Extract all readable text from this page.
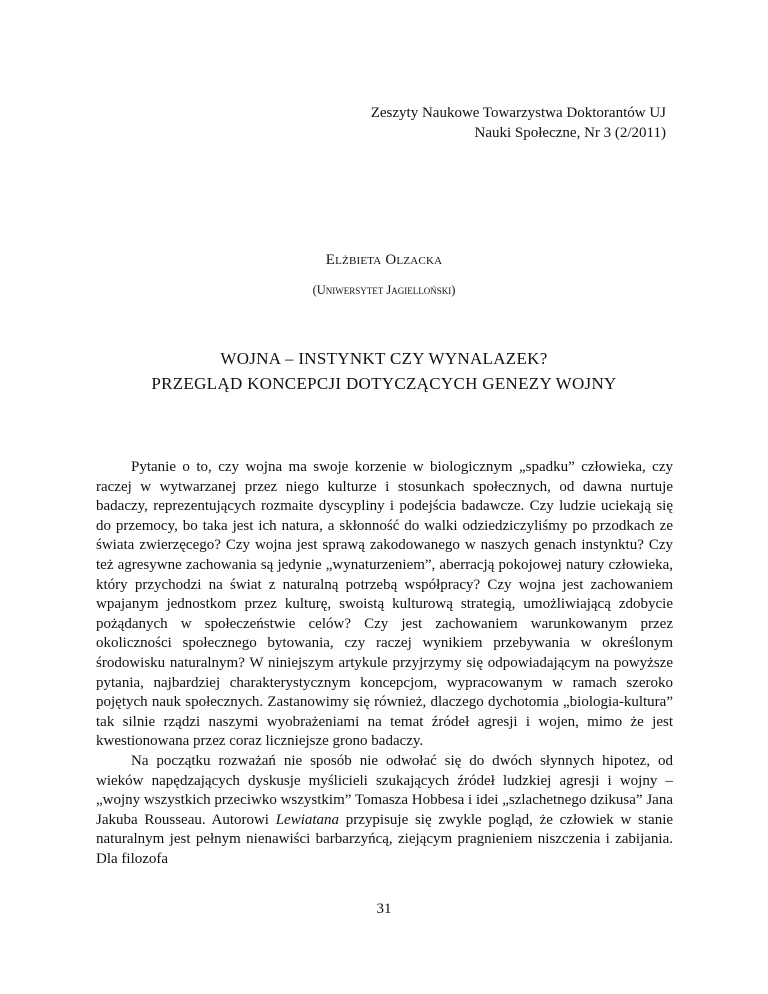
Zeszyty Naukowe Towarzystwa Doktorantów UJ
Nauki Społeczne, Nr 3 (2/2011)
Elżbieta Olzacka
(Uniwersytet Jagielloński)
WOJNA – INSTYNKT CZY WYNALAZEK?
PRZEGLĄD KONCEPCJI DOTYCZĄCYCH GENEZY WOJNY

Pytanie o to, czy wojna ma swoje korzenie w biologicznym „spadku” człowieka, czy raczej w wytwarzanej przez niego kulturze i stosunkach społecznych, od dawna nurtuje badaczy, reprezentujących rozmaite dyscypliny i podejścia badawcze. Czy ludzie uciekają się do przemocy, bo taka jest ich natura, a skłonność do walki odziedziczyliśmy po przodkach ze świata zwierzęcego? Czy wojna jest sprawą zakodowanego w naszych genach instynktu? Czy też agresywne zachowania są jedynie „wynaturzeniem”, aberracją pokojowej natury człowieka, który przychodzi na świat z naturalną potrzebą współpracy? Czy wojna jest zachowaniem wpajanym jednostkom przez kulturę, swoistą kulturową strategią, umożliwiającą zdobycie pożądanych w społeczeństwie celów? Czy jest zachowaniem warunkowanym przez okoliczności społecznego bytowania, czy raczej wynikiem przebywania w określonym środowisku naturalnym? W niniejszym artykule przyjrzymy się odpowiadającym na powyższe pytania, najbardziej charakterystycznym koncepcjom, wypracowanym w ramach szeroko pojętych nauk społecznych. Zastanowimy się również, dlaczego dychotomia „biologia-kultura” tak silnie rządzi naszymi wyobrażeniami na temat źródeł agresji i wojen, mimo że jest kwestionowana przez coraz liczniejsze grono badaczy.

Na początku rozważań nie sposób nie odwołać się do dwóch słynnych hipotez, od wieków napędzających dyskusje myślicieli szukających źródeł ludzkiej agresji i wojny – „wojny wszystkich przeciwko wszystkim” Tomasza Hobbesa i idei „szlachetnego dzikusa” Jana Jakuba Rousseau. Autorowi Lewiatana przypisuje się zwykle pogląd, że człowiek w stanie naturalnym jest pełnym nienawiści barbarzyńcą, ziejącym pragnieniem niszczenia i zabijania. Dla filozofa

31
